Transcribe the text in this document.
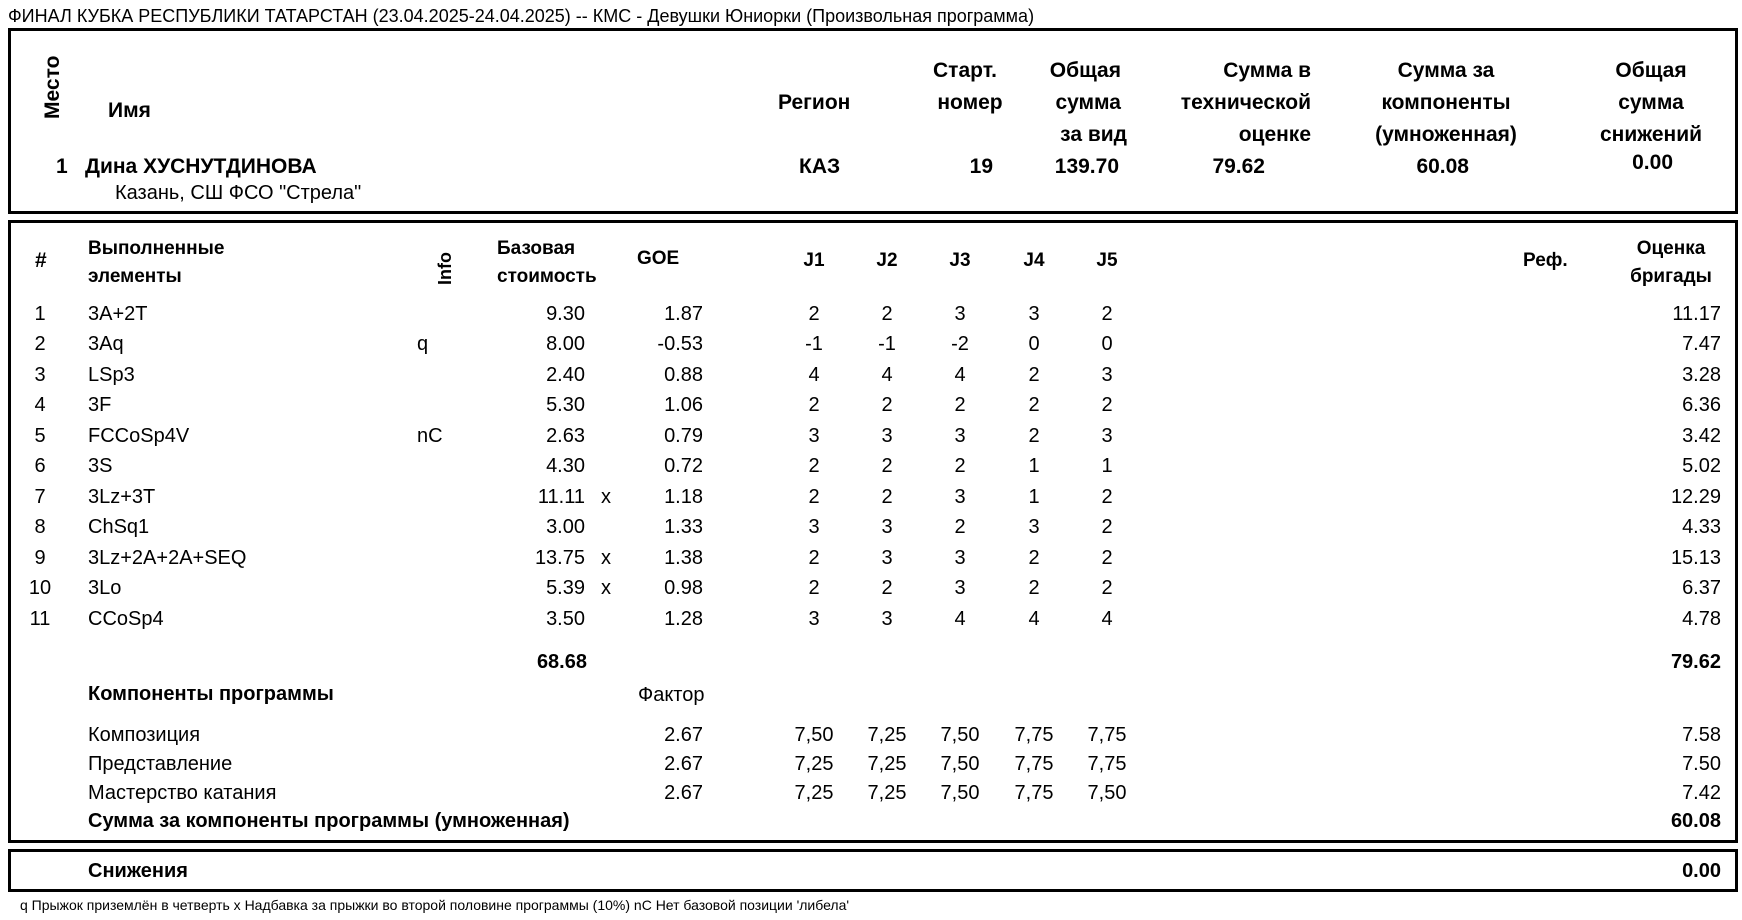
ФИНАЛ КУБКА РЕСПУБЛИКИ ТАТАРСТАН (23.04.2025-24.04.2025) -- КМС - Девушки Юниорки (Произвольная программа)
Место Имя	Регион
Старт.
номер
Общая
сумма
за вид
Сумма в
технической
оценке
Сумма за
компоненты
(умноженная)
Общая
сумма
снижений
1 Дина ХУСНУТДИНОВА
Казань, СШ ФСО "Стрела"
КАЗ	19	139.70	79.62	60.08	0.00
#
Выполненные
элементы	Info
Базовая
стоимость
GOE	J1	J2	J3	J4	J5	Реф.
Оценка
бригады
1	3A+2T	9.30	1.87	2	2	3	3	2	11.17
2	3Aq	q	8.00	-0.53	-1	-1	-2	0	0	7.47
3	LSp3	2.40	0.88	4	4	4	2	3	3.28
4	3F	5.30	1.06	2	2	2	2	2	6.36
5	FCCoSp4V	nC	2.63	0.79	3	3	3	2	3	3.42
6	3S	4.30	0.72	2	2	2	1	1	5.02
7	3Lz+3T	11.11 x	1.18	2	2	3	1	2	12.29
8	ChSq1	3.00	1.33	3	3	2	3	2	4.33
9	3Lz+2A+2A+SEQ	13.75 x	1.38	2	3	3	2	2	15.13
10 3Lo	5.39 x	0.98	2	2	3	2	2	6.37
11 CCoSp4	3.50	1.28	3	3	4	4	4	4.78
68.68	79.62
Компоненты программы	Фактор
Композиция	2.67	7,50	7,25	7,50	7,75	7,75	7.58
Представление	2.67	7,25	7,25	7,50	7,75	7,75	7.50
Мастерство катания	2.67	7,25	7,25	7,50	7,75	7,50	7.42
Сумма за компоненты программы (умноженная)	60.08
Снижения	0.00
q Прыжок приземлён в четверть x Надбавка за прыжки во второй половине программы (10%) nC Нет базовой позиции 'либела'
